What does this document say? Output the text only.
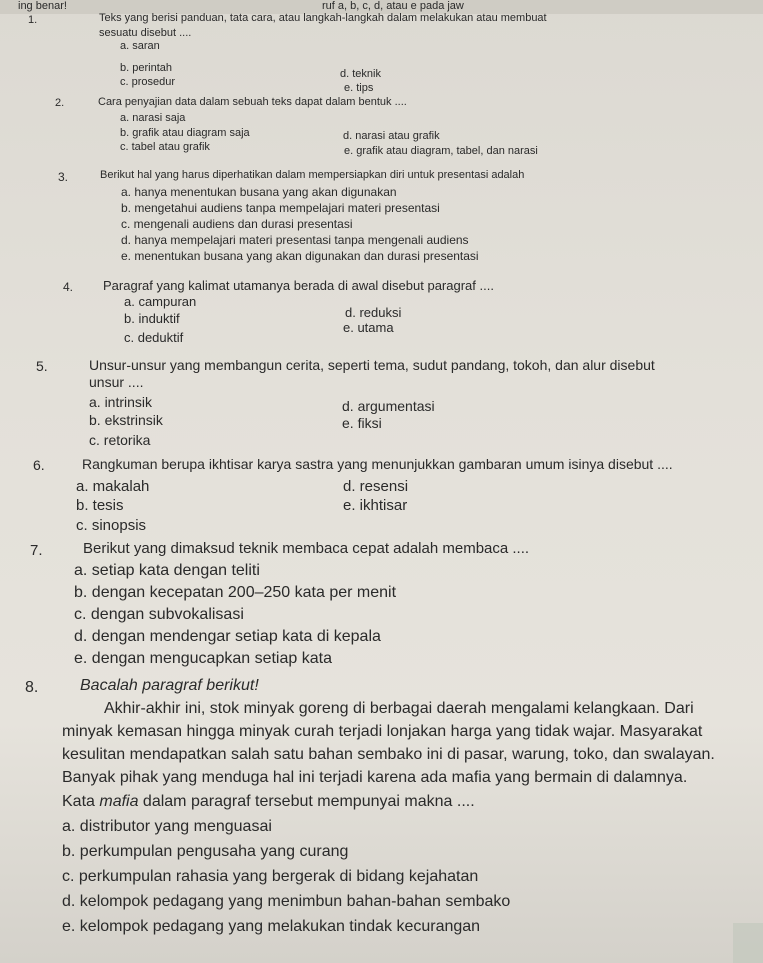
ing benar!	ruf a, b, c, d, atau e pada jaw
1.	Teks yang berisi panduan, tata cara, atau langkah-langkah dalam melakukan atau membuat
sesuatu disebut ....
a. saran
b. perintah
c. prosedur
d. teknik
e. tips
2.	Cara penyajian data dalam sebuah teks dapat dalam bentuk ....
a. narasi saja
b. grafik atau diagram saja
c. tabel atau grafik
d. narasi atau grafik
e. grafik atau diagram, tabel, dan narasi
3.	Berikut hal yang harus diperhatikan dalam mempersiapkan diri untuk presentasi adalah
a. hanya menentukan busana yang akan digunakan
b. mengetahui audiens tanpa mempelajari materi presentasi
c. mengenali audiens dan durasi presentasi
d. hanya mempelajari materi presentasi tanpa mengenali audiens
e. menentukan busana yang akan digunakan dan durasi presentasi
4. Paragraf yang kalimat utamanya berada di awal disebut paragraf ....
a. campuran
b. induktif
c. deduktif
d. reduksi
e. utama
5.	Unsur-unsur yang membangun cerita, seperti tema, sudut pandang, tokoh, dan alur disebut
unsur ....
a. intrinsik
b. ekstrinsik
c. retorika
d. argumentasi
e. fiksi
6.	Rangkuman berupa ikhtisar karya sastra yang menunjukkan gambaran umum isinya disebut ....
a. makalah
b. tesis
c. sinopsis
d. resensi
e. ikhtisar
7.	Berikut yang dimaksud teknik membaca cepat adalah membaca ....
a. setiap kata dengan teliti
b. dengan kecepatan 200–250 kata per menit
c. dengan subvokalisasi
d. dengan mendengar setiap kata di kepala
e. dengan mengucapkan setiap kata
8.	Bacalah paragraf berikut!
Akhir-akhir ini, stok minyak goreng di berbagai daerah mengalami kelangkaan. Dari
minyak kemasan hingga minyak curah terjadi lonjakan harga yang tidak wajar. Masyarakat
kesulitan mendapatkan salah satu bahan sembako ini di pasar, warung, toko, dan swalayan.
Banyak pihak yang menduga hal ini terjadi karena ada mafia yang bermain di dalamnya.
Kata mafia dalam paragraf tersebut mempunyai makna ....
a. distributor yang menguasai
b. perkumpulan pengusaha yang curang
c. perkumpulan rahasia yang bergerak di bidang kejahatan
d. kelompok pedagang yang menimbun bahan-bahan sembako
e. kelompok pedagang yang melakukan tindak kecurangan
